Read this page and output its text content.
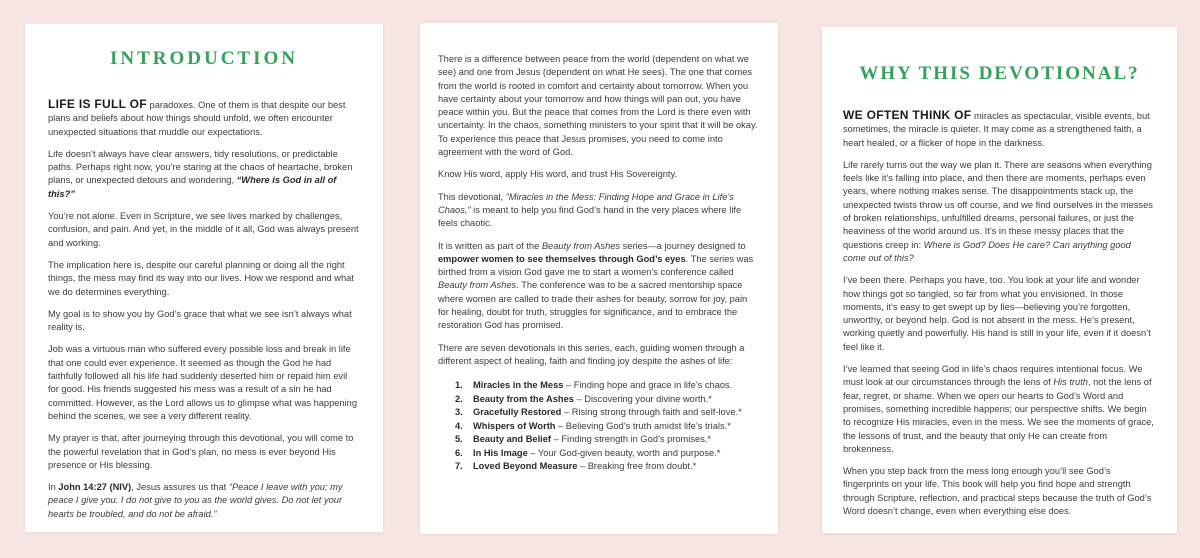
INTRODUCTION

LIFE IS FULL OF paradoxes. One of them is that despite our best plans and beliefs about how things should unfold, we often encounter unexpected situations that muddle our expectations.

Life doesn’t always have clear answers, tidy resolutions, or predictable paths. Perhaps right now, you’re staring at the chaos of heartache, broken plans, or unexpected detours and wondering, “Where is God in all of this?”

You’re not alone. Even in Scripture, we see lives marked by challenges, confusion, and pain. And yet, in the middle of it all, God was always present and working.

The implication here is, despite our careful planning or doing all the right things, the mess may find its way into our lives. How we respond and what we do determines everything.

My goal is to show you by God’s grace that what we see isn’t always what reality is.

Job was a virtuous man who suffered every possible loss and break in life that one could ever experience. It seemed as though the God he had faithfully followed all his life had suddenly deserted him or repaid him evil for good. His friends suggested his mess was a result of a sin he had committed. However, as the Lord allows us to glimpse what was happening behind the scenes, we see a very different reality.

My prayer is that, after journeying through this devotional, you will come to the powerful revelation that in God’s plan, no mess is ever beyond His presence or His blessing.

In John 14:27 (NIV), Jesus assures us that “Peace I leave with you; my peace I give you. I do not give to you as the world gives. Do not let your hearts be troubled, and do not be afraid.”

There is a difference between peace from the world (dependent on what we see) and one from Jesus (dependent on what He sees). The one that comes from the world is rooted in comfort and certainty about tomorrow. When you have certainty about your tomorrow and how things will pan out, you have peace within you. But the peace that comes from the Lord is there even with uncertainty. In the chaos, something ministers to your spirit that it will be okay. To experience this peace that Jesus promises, you need to come into agreement with the word of God.

Know His word, apply His word, and trust His Sovereignty.

This devotional, “Miracles in the Mess: Finding Hope and Grace in Life’s Chaos,” is meant to help you find God’s hand in the very places where life feels chaotic.

It is written as part of the Beauty from Ashes series—a journey designed to empower women to see themselves through God’s eyes. The series was birthed from a vision God gave me to start a women’s conference called Beauty from Ashes. The conference was to be a sacred mentorship space where women are called to trade their ashes for beauty, sorrow for joy, pain for healing, doubt for truth, struggles for significance, and to embrace the restoration God has promised.

There are seven devotionals in this series, each, guiding women through a different aspect of healing, faith and finding joy despite the ashes of life:

1. Miracles in the Mess – Finding hope and grace in life’s chaos.
2. Beauty from the Ashes – Discovering your divine worth.*
3. Gracefully Restored – Rising strong through faith and self-love.*
4. Whispers of Worth – Believing God’s truth amidst life’s trials.*
5. Beauty and Belief – Finding strength in God’s promises.*
6. In His Image – Your God-given beauty, worth and purpose.*
7. Loved Beyond Measure – Breaking free from doubt.*
WHY THIS DEVOTIONAL?

WE OFTEN THINK OF miracles as spectacular, visible events, but sometimes, the miracle is quieter. It may come as a strengthened faith, a heart healed, or a flicker of hope in the darkness.

Life rarely turns out the way we plan it. There are seasons when everything feels like it’s falling into place, and then there are moments, perhaps even years, where nothing makes sense. The disappointments stack up, the unexpected twists throw us off course, and we find ourselves in the messes of broken relationships, unfulfilled dreams, personal failures, or just the heaviness of the world around us. It’s in these messy places that the questions creep in: Where is God? Does He care? Can anything good come out of this?

I’ve been there. Perhaps you have, too. You look at your life and wonder how things got so tangled, so far from what you envisioned. In those moments, it’s easy to get swept up by lies—believing you’re forgotten, unworthy, or beyond help. God is not absent in the mess. He’s present, working quietly and powerfully. His hand is still in your life, even if it doesn’t feel like it.

I’ve learned that seeing God in life’s chaos requires intentional focus. We must look at our circumstances through the lens of His truth, not the lens of fear, regret, or shame. When we open our hearts to God’s Word and promises, something incredible happens; our perspective shifts. We begin to recognize His miracles, even in the mess. We see the moments of grace, the lessons of trust, and the beauty that only He can create from brokenness.

When you step back from the mess long enough you’ll see God’s fingerprints on your life. This book will help you find hope and strength through Scripture, reflection, and practical steps because the truth of God’s Word doesn’t change, even when everything else does.
